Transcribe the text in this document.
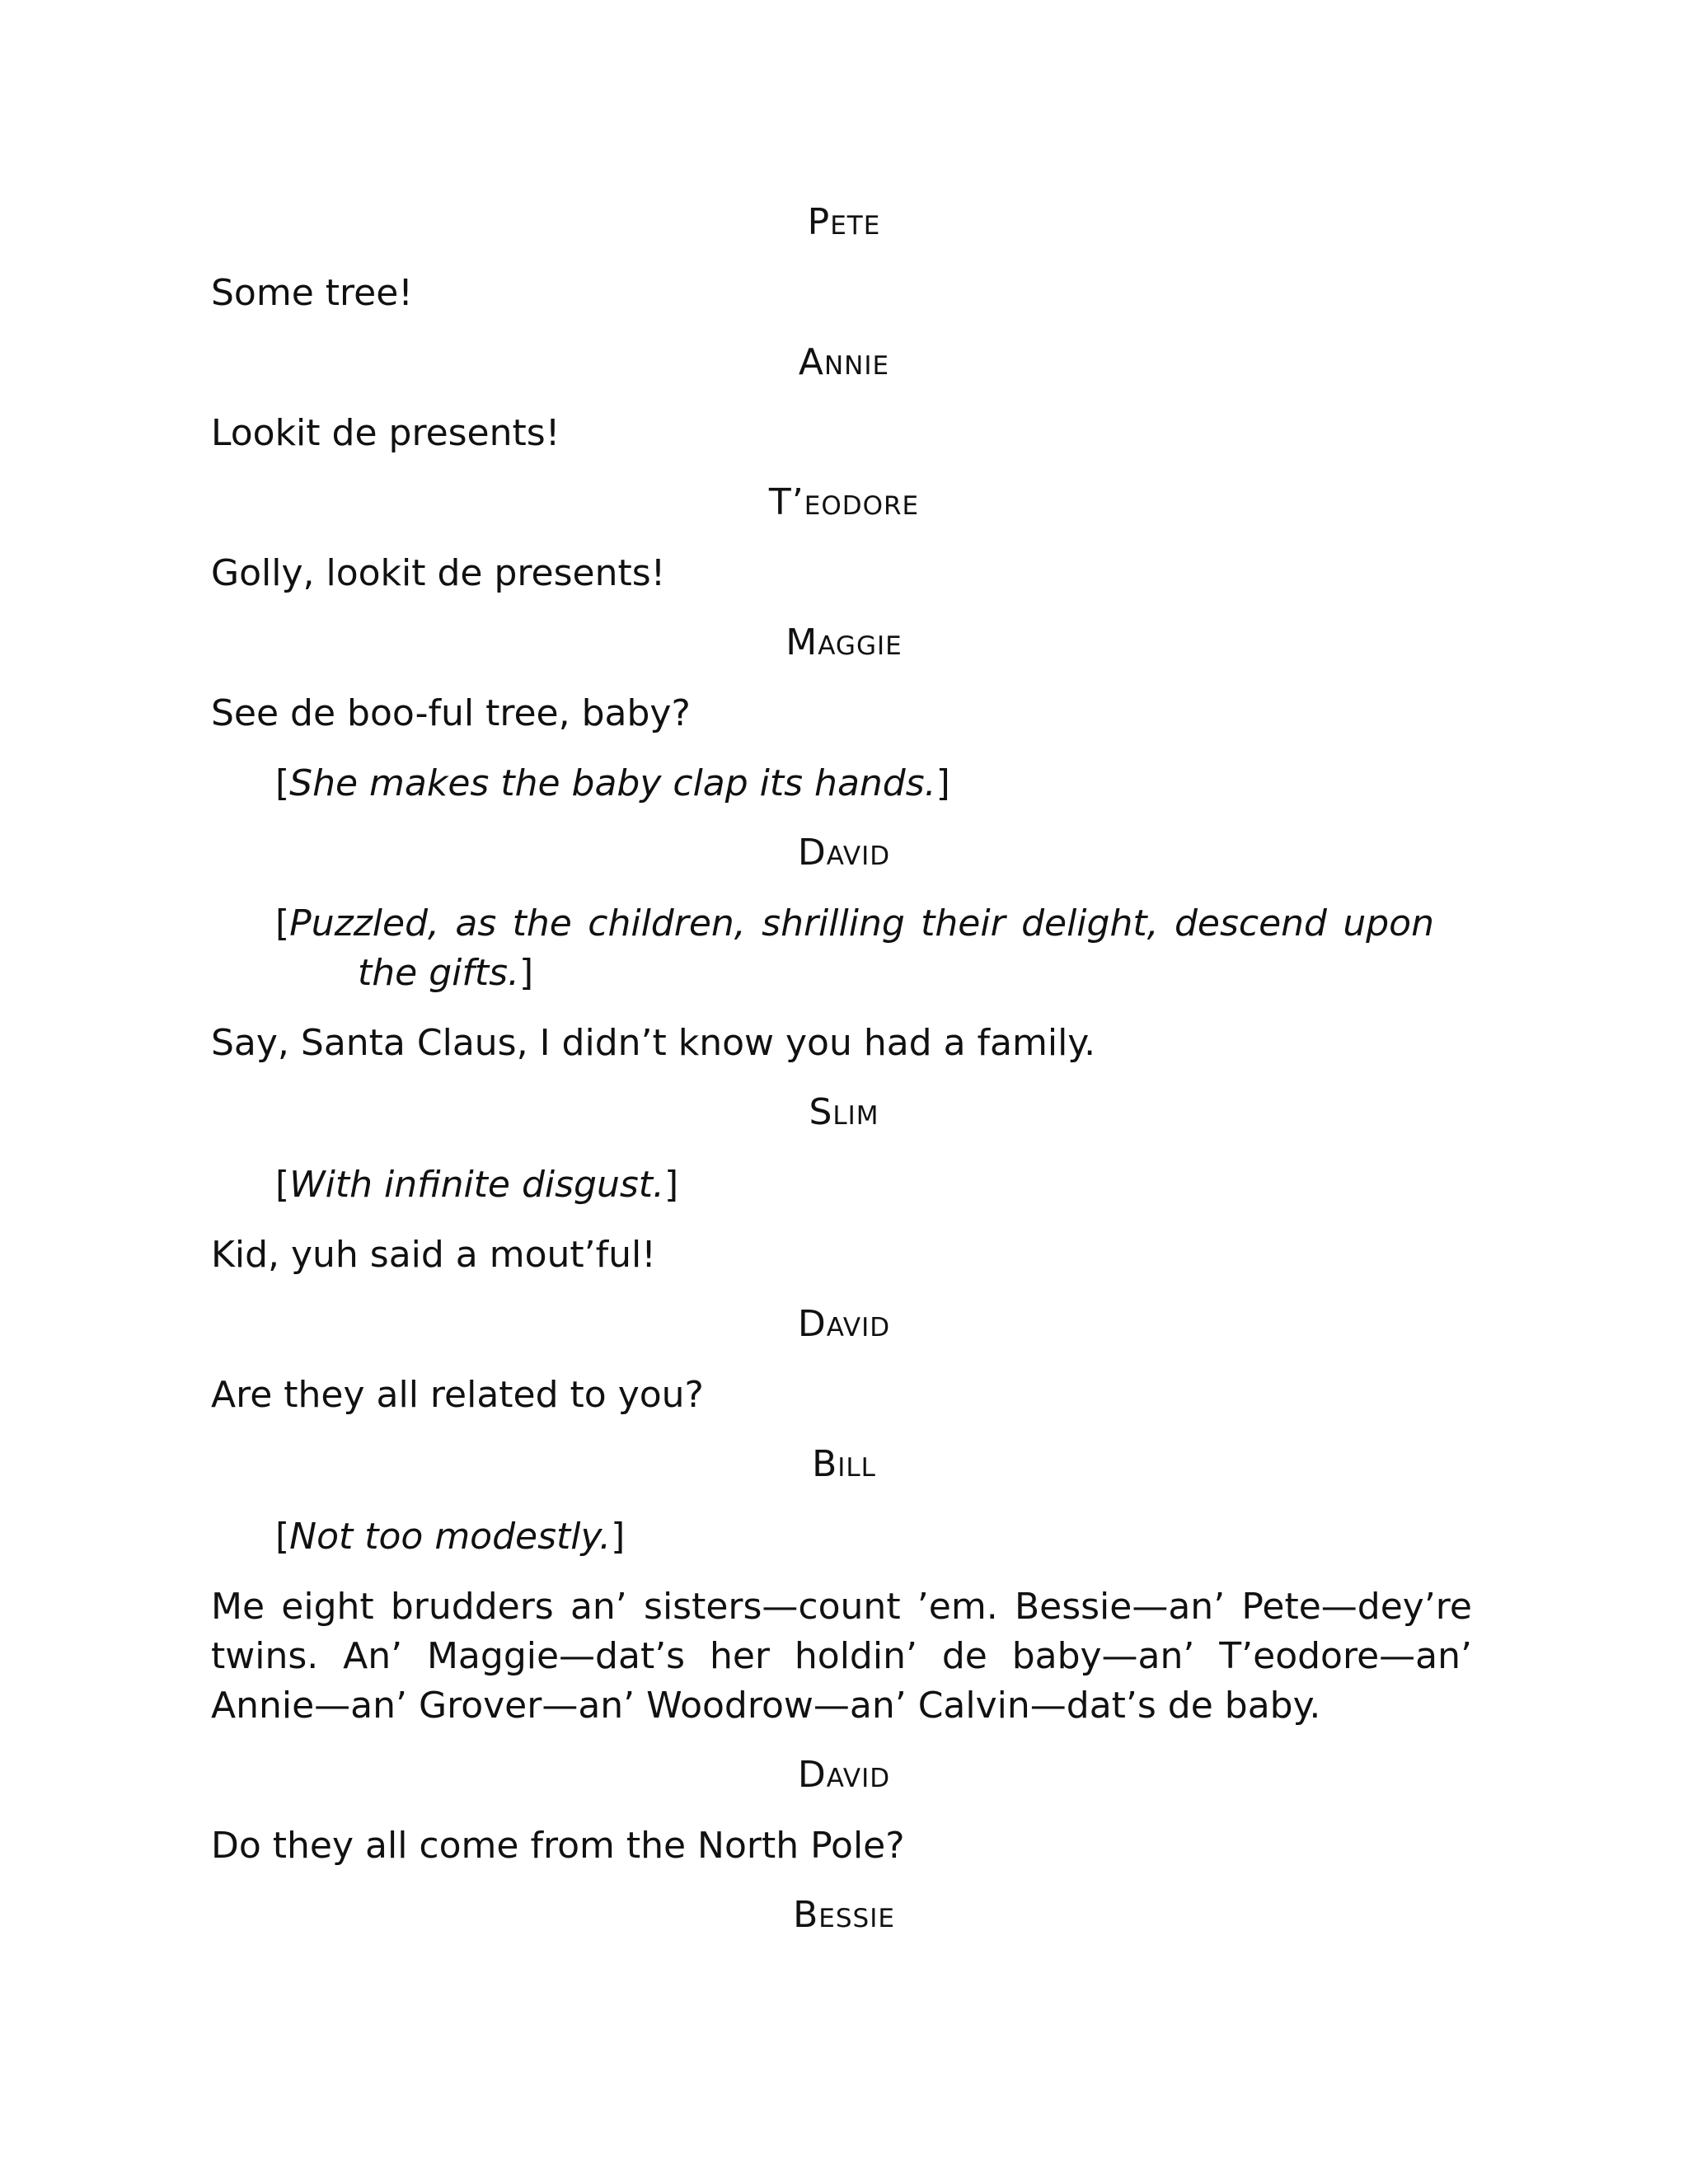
Pete
Some tree!
Annie
Lookit de presents!
T’eodore
Golly, lookit de presents!
Maggie
See de boo-ful tree, baby?
[She makes the baby clap its hands.]
David
[Puzzled, as the children, shrilling their delight, descend upon the gifts.]
Say, Santa Claus, I didn’t know you had a family.
Slim
[With infinite disgust.]
Kid, yuh said a mout’ful!
David
Are they all related to you?
Bill
[Not too modestly.]
Me eight brudders an’ sisters—count ’em. Bessie—an’ Pete—dey’re twins. An’ Maggie—dat’s her holdin’ de baby—an’ T’eodore—an’ Annie—an’ Grover—an’ Woodrow—an’ Calvin—dat’s de baby.
David
Do they all come from the North Pole?
Bessie
